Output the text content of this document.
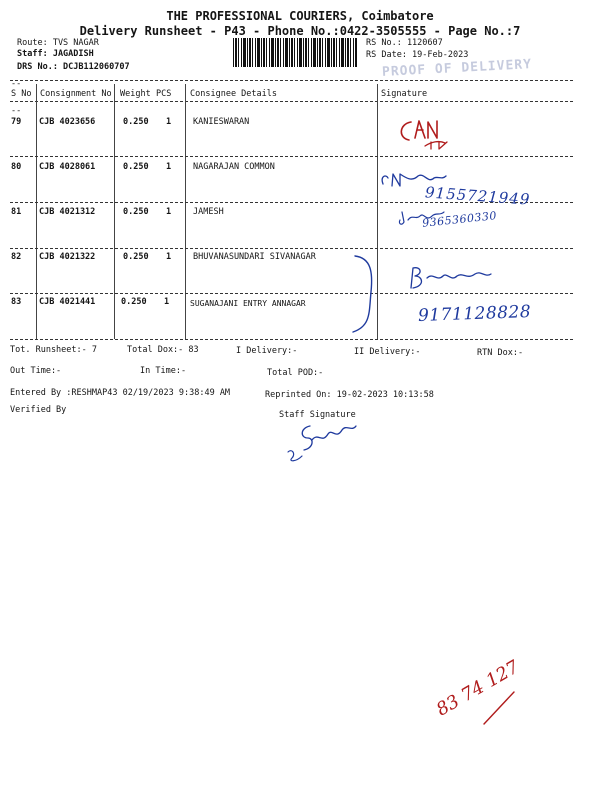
THE PROFESSIONAL COURIERS, Coimbatore
Delivery Runsheet - P43 - Phone No.:0422-3505555 - Page No.:7
Route: TVS NAGAR
Staff: JAGADISH
DRS No.: DCJB112060707
RS No.: 1120607
RS Date: 19-Feb-2023
PROOF OF DELIVERY
--
S No Consignment No Weight PCS Consignee Details	Signature
79 CJB 4023656	0.250 1	KANIESWARAN
--
80 CJB 4028061	0.250 1	NAGARAJAN COMMON
81 CJB 4021312	0.250 1	JAMESH
82 CJB 4021322	0.250 1	BHUVANASUNDARI SIVANAGAR
83 CJB 4021441	0.250 1	SUGANAJANI ENTRY ANNAGAR
Tot. Runsheet:- 7	Total Dox:- 83	I Delivery:-	II Delivery:-	RTN Dox:-
Out Time:-	In Time:-	Total POD:-
Entered By :RESHMAP43 02/19/2023 9:38:49 AM	Reprinted On: 19-02-2023 10:13:58
Verified By	Staff Signature
9155721949
9365360330
9171128828
83 74 127
